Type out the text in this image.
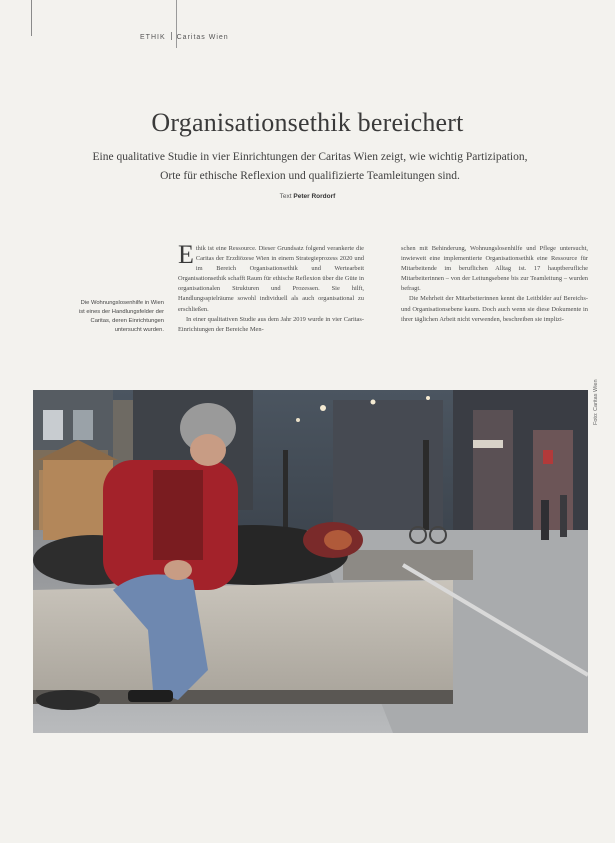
ETHIK Caritas Wien
Organisationsethik bereichert
Eine qualitative Studie in vier Einrichtungen der Caritas Wien zeigt, wie wichtig Partizipation,
Orte für ethische Reflexion und qualifizierte Teamleitungen sind.
Text Peter Rordorf
Die Wohnungslosenhilfe in Wien ist eines der Handlungsfelder der Caritas, deren Einrichtungen untersucht wurden.

Ethik ist eine Ressource. Dieser Grundsatz folgend verankerte die Caritas der Erzdiözese Wien in einem Strategieprozess 2020 und im Bereich Organisationsethik und Wertearbeit Organisationsethik schafft Raum für ethische Reflexion über die Güte in organisationalen Strukturen und Prozessen. Sie hilft, Handlungsspielräume sowohl individuell als auch organisational zu erschließen.

In einer qualitativen Studie aus dem Jahr 2019 wurde in vier Caritas-Einrichtungen der Bereiche Men-

schen mit Behinderung, Wohnungslosenhilfe und Pflege untersucht, inwieweit eine implementierte Organisationsethik eine Ressource für Mitarbeitende im beruflichen Alltag ist. 17 hauptberufliche Mitarbeiterinnen – von der Leitungsebene bis zur Teamleitung – wurden befragt.

Die Mehrheit der Mitarbeiterinnen kennt die Leitbilder auf Bereichs- und Organisationsebene kaum. Doch auch wenn sie diese Dokumente in ihrer täglichen Arbeit nicht verwenden, beschreiben sie implizi-

Foto: Caritas Wien
